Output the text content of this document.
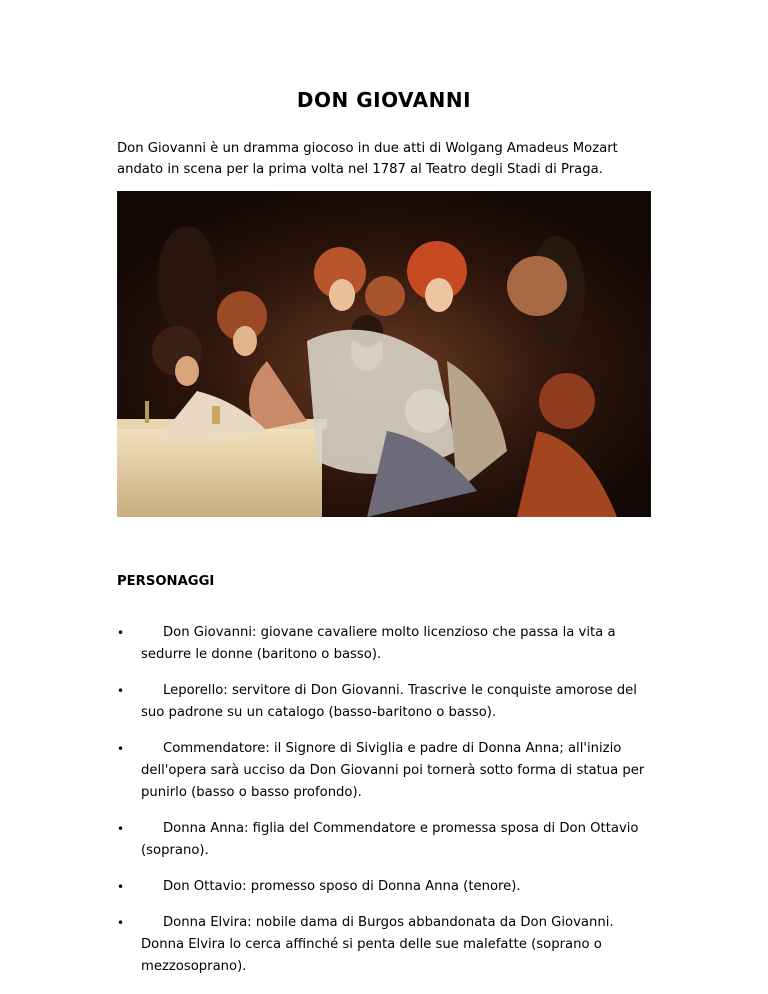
DON GIOVANNI
Don Giovanni è un dramma giocoso in due atti di Wolgang Amadeus Mozart andato in scena per la prima volta nel 1787 al Teatro degli Stadi di Praga.
PERSONAGGI
•	Don Giovanni: giovane cavaliere molto licenzioso che passa la vita a sedurre le donne (baritono o basso).
•	Leporello: servitore di Don Giovanni. Trascrive le conquiste amorose del suo padrone su un catalogo (basso-baritono o basso).
•	Commendatore: il Signore di Siviglia e padre di Donna Anna; all'inizio dell'opera sarà ucciso da Don Giovanni poi tornerà sotto forma di statua per punirlo (basso o basso profondo).
•	Donna Anna: figlia del Commendatore e promessa sposa di Don Ottavio (soprano).
•	Don Ottavio: promesso sposo di Donna Anna (tenore).
•	Donna Elvira: nobile dama di Burgos abbandonata da Don Giovanni. Donna Elvira lo cerca affinché si penta delle sue malefatte (soprano o mezzosoprano).
